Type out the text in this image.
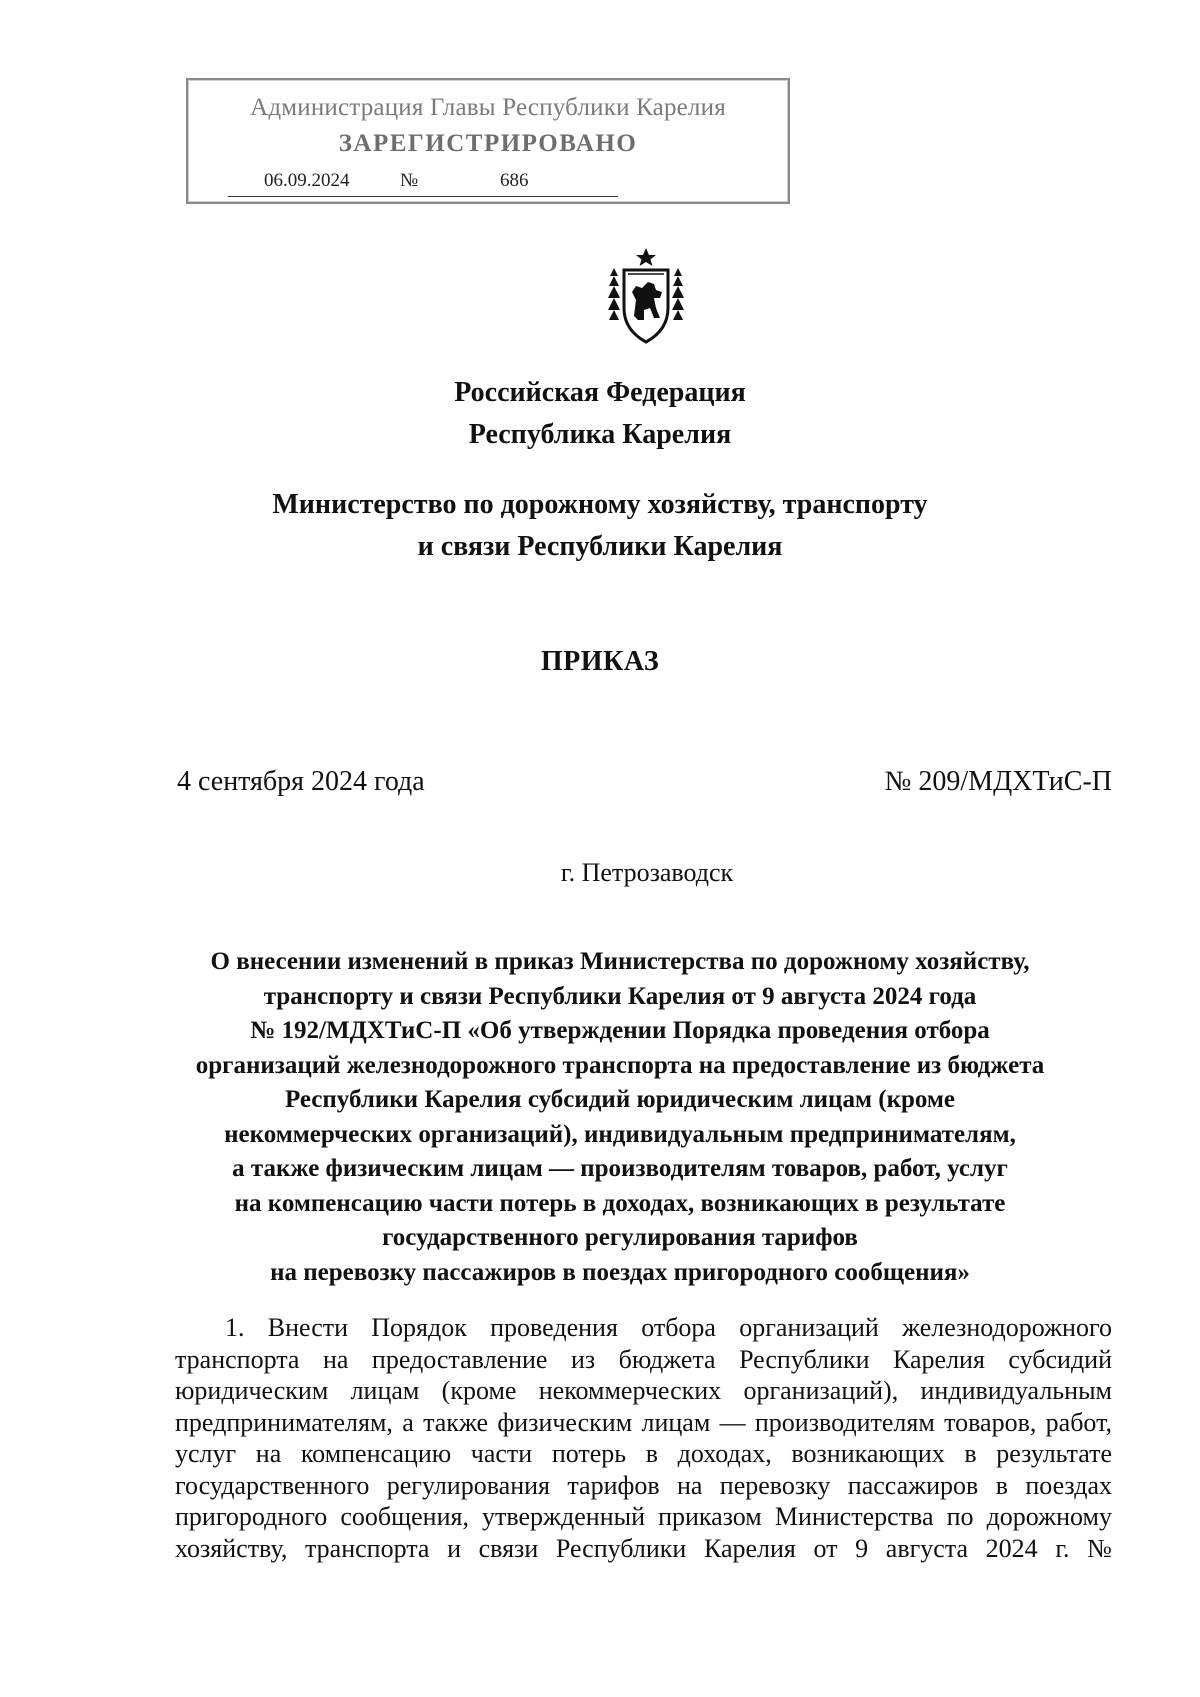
Администрация Главы Республики Карелия
ЗАРЕГИСТРИРОВАНО
06.09.2024	№	686
Российская Федерация
Республика Карелия
Министерство по дорожному хозяйству, транспорту
и связи Республики Карелия
ПРИКАЗ
4 сентября 2024 года	№ 209/МДХТиС-П
г. Петрозаводск
О внесении изменений в приказ Министерства по дорожному хозяйству,
транспорту и связи Республики Карелия от 9 августа 2024 года
№ 192/МДХТиС-П «Об утверждении Порядка проведения отбора
организаций железнодорожного транспорта на предоставление из бюджета
Республики Карелия субсидий юридическим лицам (кроме
некоммерческих организаций), индивидуальным предпринимателям,
а также физическим лицам — производителям товаров, работ, услуг
на компенсацию части потерь в доходах, возникающих в результате
государственного регулирования тарифов
на перевозку пассажиров в поездах пригородного сообщения»
1. Внести Порядок проведения отбора организаций железнодорожного
транспорта на предоставление из бюджета Республики Карелия субсидий
юридическим лицам (кроме некоммерческих организаций), индивидуальным
предпринимателям, а также физическим лицам — производителям товаров, работ,
услуг на компенсацию части потерь в доходах, возникающих в результате
государственного регулирования тарифов на перевозку пассажиров в поездах
пригородного сообщения, утвержденный приказом Министерства по дорожному
хозяйству, транспорта и связи Республики Карелия от 9 августа 2024 г. №
